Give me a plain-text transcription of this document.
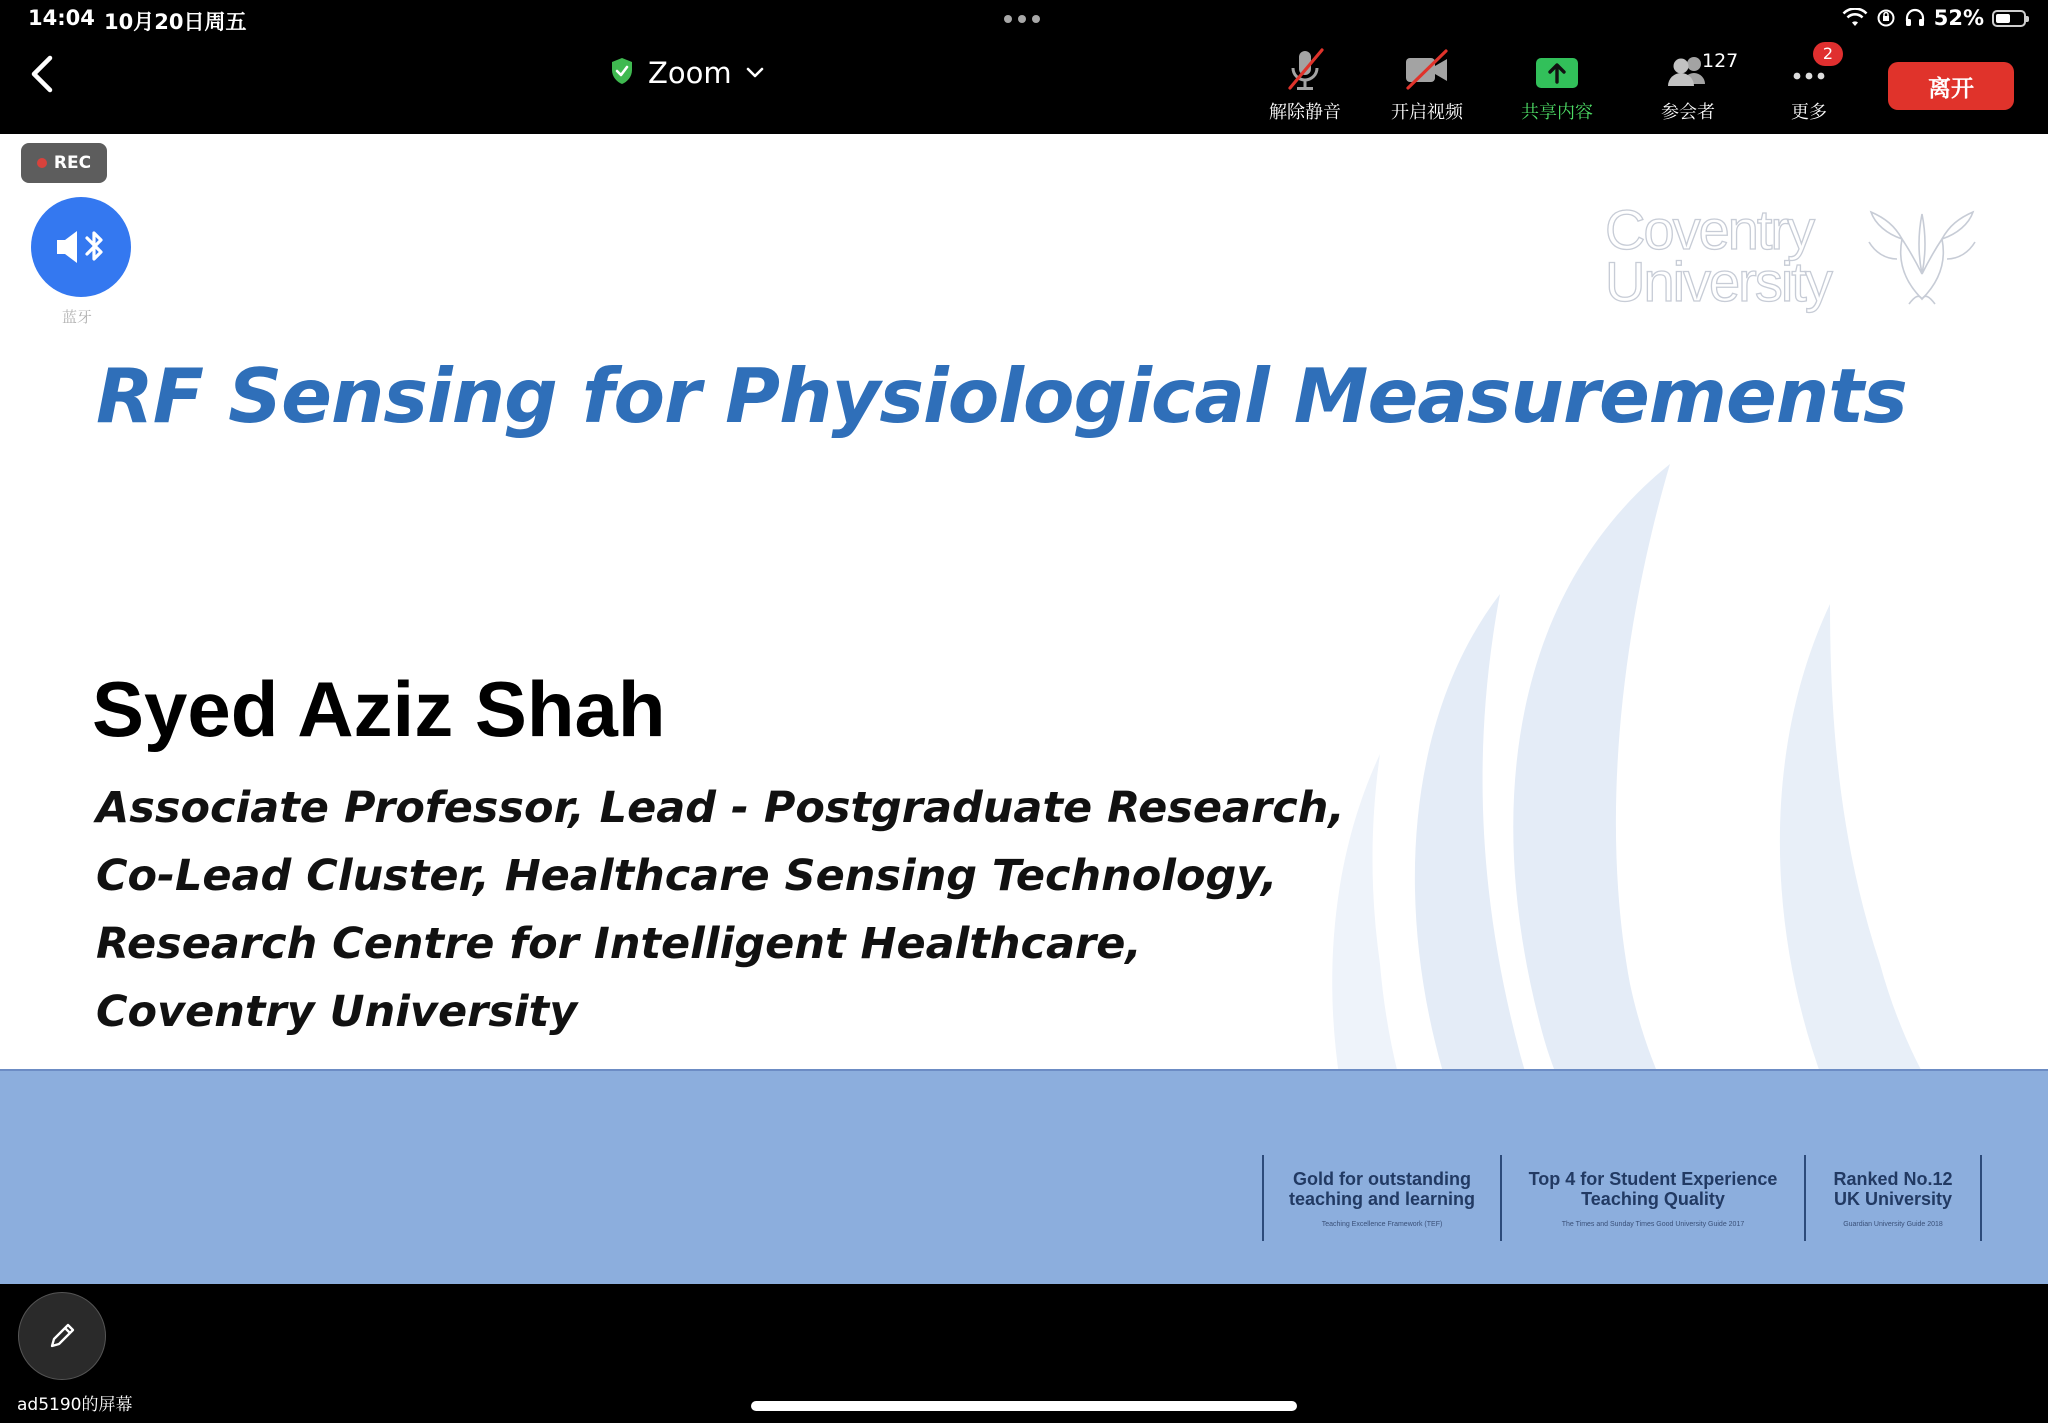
14:04 10月20日周五	52%
Zoom
解除静音	开启视频	共享内容
127
参会者
2
更多
离开
Coventry
University
RF Sensing for Physiological Measurements
Syed Aziz Shah
Associate Professor, Lead - Postgraduate Research,
Co-Lead Cluster, Healthcare Sensing Technology,
Research Centre for Intelligent Healthcare,
Coventry University
Gold for outstanding
teaching and learning
Teaching Excellence Framework (TEF)
Top 4 for Student Experience
Teaching Quality
The Times and Sunday Times Good University Guide 2017
Ranked No.12
UK University
Guardian University Guide 2018
REC
蓝牙
ad5190的屏幕
